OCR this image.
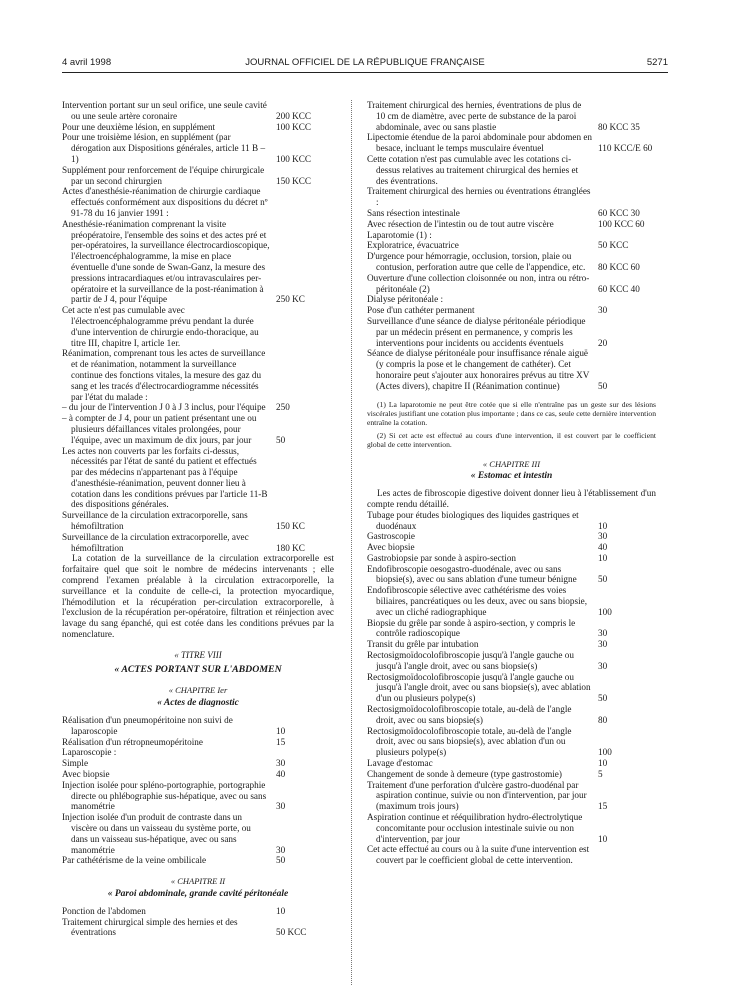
4 avril 1998	JOURNAL OFFICIEL DE LA RÉPUBLIQUE FRANÇAISE	5271
Intervention portant sur un seul orifice, une seule cavité ou une seule artère coronaire	200 KCC
Pour une deuxième lésion, en supplément	100 KCC
Pour une troisième lésion, en supplément (par dérogation aux Dispositions générales, article 11 B – 1)	100 KCC
Supplément pour renforcement de l'équipe chirurgicale par un second chirurgien	150 KCC
Actes d'anesthésie-réanimation de chirurgie cardiaque effectués conformément aux dispositions du décret nº 91-78 du 16 janvier 1991 :
Anesthésie-réanimation comprenant la visite préopératoire, l'ensemble des soins et des actes pré et per-opératoires, la surveillance électrocardioscopique, l'électroencéphalogramme, la mise en place éventuelle d'une sonde de Swan-Ganz, la mesure des pressions intracardiaques et/ou intravasculaires per-opératoire et la surveillance de la post-réanimation à partir de J 4, pour l'équipe	250 KC
Cet acte n'est pas cumulable avec l'électroencéphalogramme prévu pendant la durée d'une intervention de chirurgie endo-thoracique, au titre III, chapitre I, article 1er.
Réanimation, comprenant tous les actes de surveillance et de réanimation, notamment la surveillance continue des fonctions vitales, la mesure des gaz du sang et les tracés d'électrocardiogramme nécessités par l'état du malade :
– du jour de l'intervention J 0 à J 3 inclus, pour l'équipe	250
– à compter de J 4, pour un patient présentant une ou plusieurs défaillances vitales prolongées, pour l'équipe, avec un maximum de dix jours, par jour	50
Les actes non couverts par les forfaits ci-dessus, nécessités par l'état de santé du patient et effectués par des médecins n'appartenant pas à l'équipe d'anesthésie-réanimation, peuvent donner lieu à cotation dans les conditions prévues par l'article 11-B des dispositions générales.
Surveillance de la circulation extracorporelle, sans hémofiltration	150 KC
Surveillance de la circulation extracorporelle, avec hémofiltration	180 KC

La cotation de la surveillance de la circulation extracorporelle est forfaitaire quel que soit le nombre de médecins intervenants ; elle comprend l'examen préalable à la circulation extracorporelle, la surveillance et la conduite de celle-ci, la protection myocardique, l'hémodilution et la récupération per-circulation extracorporelle, à l'exclusion de la récupération per-opératoire, filtration et réinjection avec lavage du sang épanché, qui est cotée dans les conditions prévues par la nomenclature.

« TITRE VIII

« ACTES PORTANT SUR L'ABDOMEN

« CHAPITRE Ier

« Actes de diagnostic

Réalisation d'un pneumopéritoine non suivi de laparoscopie	10
Réalisation d'un rétropneumopéritoine	15
Laparoscopie :
Simple	30
Avec biopsie	40
Injection isolée pour spléno-portographie, portographie directe ou phlébographie sus-hépatique, avec ou sans manométrie	30
Injection isolée d'un produit de contraste dans un viscère ou dans un vaisseau du système porte, ou dans un vaisseau sus-hépatique, avec ou sans manométrie	30
Par cathétérisme de la veine ombilicale	50

« CHAPITRE II

« Paroi abdominale, grande cavité péritonéale

Ponction de l'abdomen	10
Traitement chirurgical simple des hernies et des éventrations	50 KCC
Traitement chirurgical des hernies, éventrations de plus de 10 cm de diamètre, avec perte de substance de la paroi abdominale, avec ou sans plastie	80 KCC 35
Lipectomie étendue de la paroi abdominale pour abdomen en besace, incluant le temps musculaire éventuel	110 KCC/E 60
Cette cotation n'est pas cumulable avec les cotations ci-dessus relatives au traitement chirurgical des hernies et des éventrations.
Traitement chirurgical des hernies ou éventrations étranglées :
Sans résection intestinale	60 KCC 30
Avec résection de l'intestin ou de tout autre viscère	100 KCC 60
Laparotomie (1) :
Exploratrice, évacuatrice	50 KCC
D'urgence pour hémorragie, occlusion, torsion, plaie ou contusion, perforation autre que celle de l'appendice, etc.	80 KCC 60
Ouverture d'une collection cloisonnée ou non, intra ou rétro-péritonéale (2)	60 KCC 40
Dialyse péritonéale :
Pose d'un cathéter permanent	30
Surveillance d'une séance de dialyse péritonéale périodique par un médecin présent en permanence, y compris les interventions pour incidents ou accidents éventuels	20
Séance de dialyse péritonéale pour insuffisance rénale aiguë (y compris la pose et le changement de cathéter). Cet honoraire peut s'ajouter aux honoraires prévus au titre XV (Actes divers), chapitre II (Réanimation continue)	50

(1) La laparotomie ne peut être cotée que si elle n'entraîne pas un geste sur des lésions viscérales justifiant une cotation plus importante ; dans ce cas, seule cette dernière intervention entraîne la cotation.

(2) Si cet acte est effectué au cours d'une intervention, il est couvert par le coefficient global de cette intervention.

« CHAPITRE III

« Estomac et intestin

Les actes de fibroscopie digestive doivent donner lieu à l'établissement d'un compte rendu détaillé.

Tubage pour études biologiques des liquides gastriques et duodénaux	10
Gastroscopie	30
Avec biopsie	40
Gastrobiopsie par sonde à aspiro-section	10
Endofibroscopie oesogastro-duodénale, avec ou sans biopsie(s), avec ou sans ablation d'une tumeur bénigne	50
Endofibroscopie sélective avec cathétérisme des voies biliaires, pancréatiques ou les deux, avec ou sans biopsie, avec un cliché radiographique	100
Biopsie du grêle par sonde à aspiro-section, y compris le contrôle radioscopique	30
Transit du grêle par intubation	30
Rectosigmoïdocolofibroscopie jusqu'à l'angle gauche ou jusqu'à l'angle droit, avec ou sans biopsie(s)	30
Rectosigmoïdocolofibroscopie jusqu'à l'angle gauche ou jusqu'à l'angle droit, avec ou sans biopsie(s), avec ablation d'un ou plusieurs polype(s)	50
Rectosigmoïdocolofibroscopie totale, au-delà de l'angle droit, avec ou sans biopsie(s)	80
Rectosigmoïdocolofibroscopie totale, au-delà de l'angle droit, avec ou sans biopsie(s), avec ablation d'un ou plusieurs polype(s)	100
Lavage d'estomac	10
Changement de sonde à demeure (type gastrostomie)	5
Traitement d'une perforation d'ulcère gastro-duodénal par aspiration continue, suivie ou non d'intervention, par jour (maximum trois jours)	15
Aspiration continue et rééquilibration hydro-électrolytique concomitante pour occlusion intestinale suivie ou non d'intervention, par jour	10
Cet acte effectué au cours ou à la suite d'une intervention est couvert par le coefficient global de cette intervention.
